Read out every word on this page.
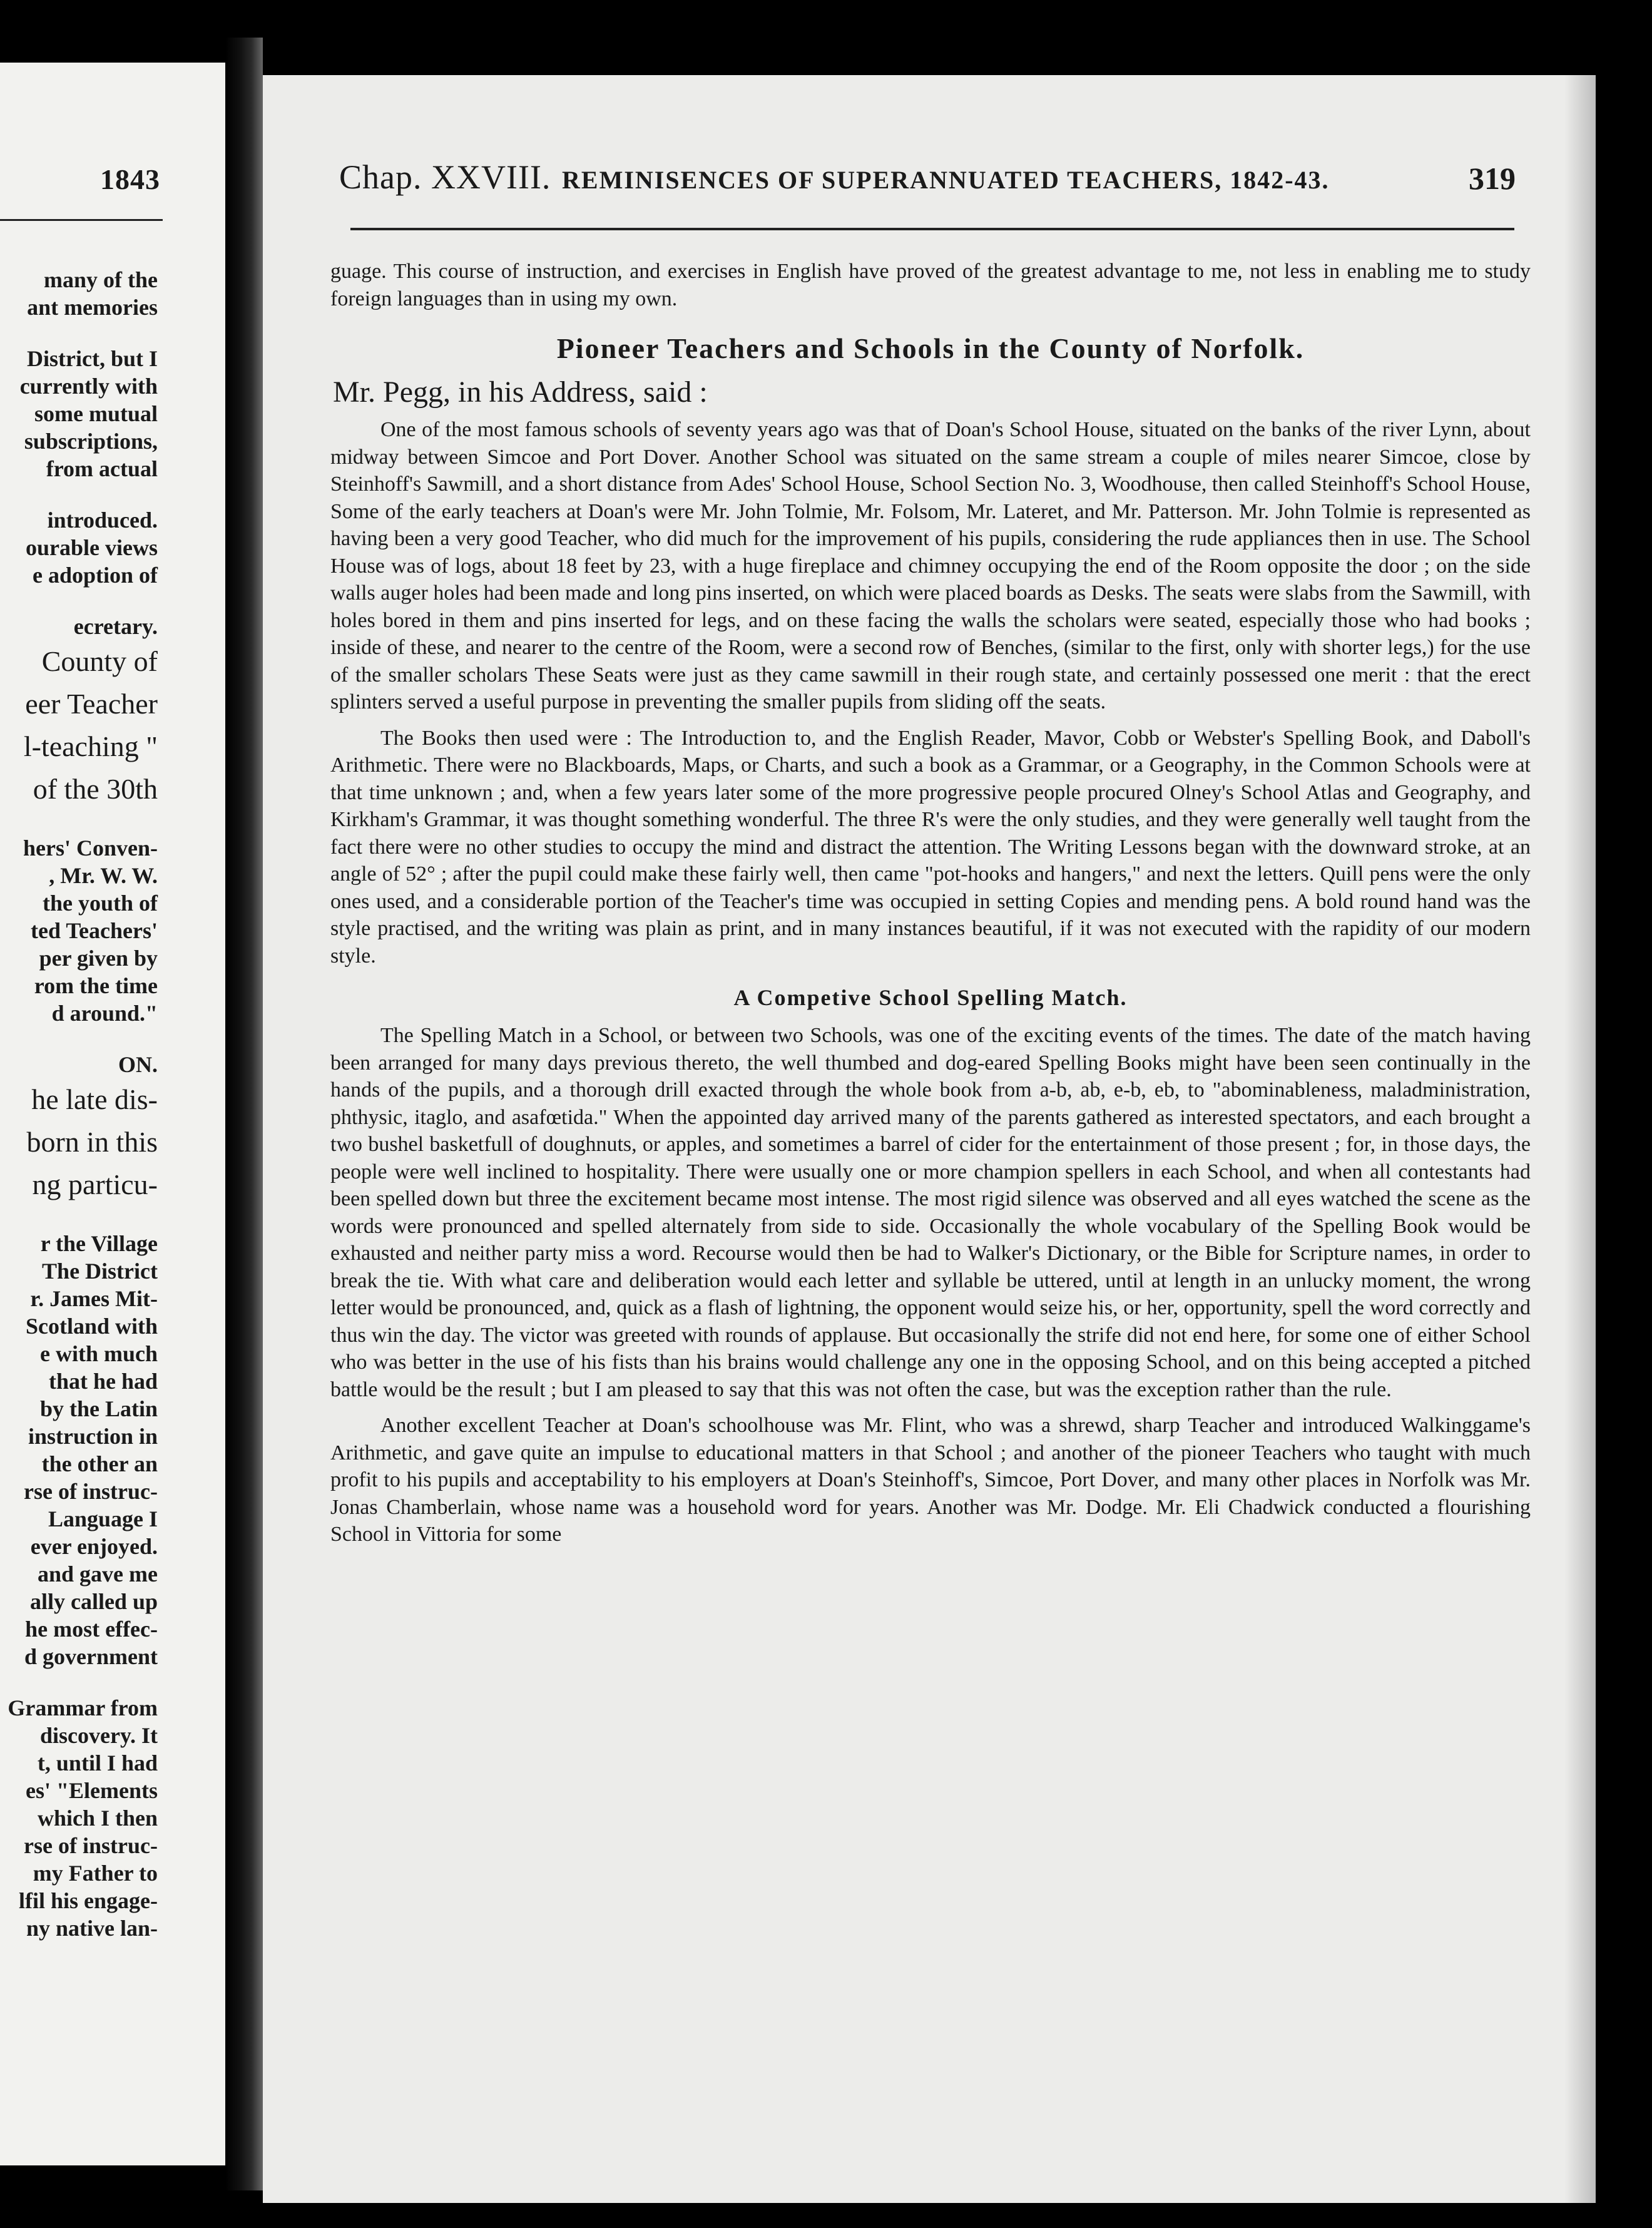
1843
many of the
ant memories
District, but I
currently with
some mutual
subscriptions,
from actual
introduced.
ourable views
e adoption of
ecretary.
County of
eer Teacher
l-teaching "
of the 30th
hers' Conven-
, Mr. W. W.
the youth of
ted Teachers'
per given by
rom the time
d around."
ON.
he late dis-
born in this
ng particu-
r the Village
The District
r. James Mit-
Scotland with
e with much
that he had
by the Latin
instruction in
the other an
rse of instruc-
Language I
ever enjoyed.
and gave me
ally called up
he most effec-
d government
Grammar from
discovery. It
t, until I had
es' "Elements
which I then
rse of instruc-
my Father to
lfil his engage-
ny native lan-
Chap. XXVIII. REMINISENCES OF SUPERANNUATED TEACHERS, 1842-43.	319

guage. This course of instruction, and exercises in English have proved of the greatest advantage to me, not less in enabling me to study foreign languages than in using my own.

Pioneer Teachers and Schools in the County of Norfolk.
Mr. Pegg, in his Address, said :

One of the most famous schools of seventy years ago was that of Doan's School House, situated on the banks of the river Lynn, about midway between Simcoe and Port Dover. Another School was situated on the same stream a couple of miles nearer Simcoe, close by Steinhoff's Sawmill, and a short distance from Ades' School House, School Section No. 3, Woodhouse, then called Steinhoff's School House, Some of the early teachers at Doan's were Mr. John Tolmie, Mr. Folsom, Mr. Lateret, and Mr. Patterson. Mr. John Tolmie is represented as having been a very good Teacher, who did much for the improvement of his pupils, considering the rude appliances then in use. The School House was of logs, about 18 feet by 23, with a huge fireplace and chimney occupying the end of the Room opposite the door ; on the side walls auger holes had been made and long pins inserted, on which were placed boards as Desks. The seats were slabs from the Sawmill, with holes bored in them and pins inserted for legs, and on these facing the walls the scholars were seated, especially those who had books ; inside of these, and nearer to the centre of the Room, were a second row of Benches, (similar to the first, only with shorter legs,) for the use of the smaller scholars These Seats were just as they came sawmill in their rough state, and certainly possessed one merit : that the erect splinters served a useful purpose in preventing the smaller pupils from sliding off the seats.

The Books then used were : The Introduction to, and the English Reader, Mavor, Cobb or Webster's Spelling Book, and Daboll's Arithmetic. There were no Blackboards, Maps, or Charts, and such a book as a Grammar, or a Geography, in the Common Schools were at that time unknown ; and, when a few years later some of the more progressive people procured Olney's School Atlas and Geography, and Kirkham's Grammar, it was thought something wonderful. The three R's were the only studies, and they were generally well taught from the fact there were no other studies to occupy the mind and distract the attention. The Writing Lessons began with the downward stroke, at an angle of 52° ; after the pupil could make these fairly well, then came "pot-hooks and hangers," and next the letters. Quill pens were the only ones used, and a considerable portion of the Teacher's time was occupied in setting Copies and mending pens. A bold round hand was the style practised, and the writing was plain as print, and in many instances beautiful, if it was not executed with the rapidity of our modern style.

A Competive School Spelling Match.

The Spelling Match in a School, or between two Schools, was one of the exciting events of the times. The date of the match having been arranged for many days previous thereto, the well thumbed and dog-eared Spelling Books might have been seen continually in the hands of the pupils, and a thorough drill exacted through the whole book from a-b, ab, e-b, eb, to "abominableness, maladministration, phthysic, itaglo, and asafœtida." When the appointed day arrived many of the parents gathered as interested spectators, and each brought a two bushel basketfull of doughnuts, or apples, and sometimes a barrel of cider for the entertainment of those present ; for, in those days, the people were well inclined to hospitality. There were usually one or more champion spellers in each School, and when all contestants had been spelled down but three the excitement became most intense. The most rigid silence was observed and all eyes watched the scene as the words were pronounced and spelled alternately from side to side. Occasionally the whole vocabulary of the Spelling Book would be exhausted and neither party miss a word. Recourse would then be had to Walker's Dictionary, or the Bible for Scripture names, in order to break the tie. With what care and deliberation would each letter and syllable be uttered, until at length in an unlucky moment, the wrong letter would be pronounced, and, quick as a flash of lightning, the opponent would seize his, or her, opportunity, spell the word correctly and thus win the day. The victor was greeted with rounds of applause. But occasionally the strife did not end here, for some one of either School who was better in the use of his fists than his brains would challenge any one in the opposing School, and on this being accepted a pitched battle would be the result ; but I am pleased to say that this was not often the case, but was the exception rather than the rule.

Another excellent Teacher at Doan's schoolhouse was Mr. Flint, who was a shrewd, sharp Teacher and introduced Walkinggame's Arithmetic, and gave quite an impulse to educational matters in that School ; and another of the pioneer Teachers who taught with much profit to his pupils and acceptability to his employers at Doan's Steinhoff's, Simcoe, Port Dover, and many other places in Norfolk was Mr. Jonas Chamberlain, whose name was a household word for years. Another was Mr. Dodge. Mr. Eli Chadwick conducted a flourishing School in Vittoria for some
